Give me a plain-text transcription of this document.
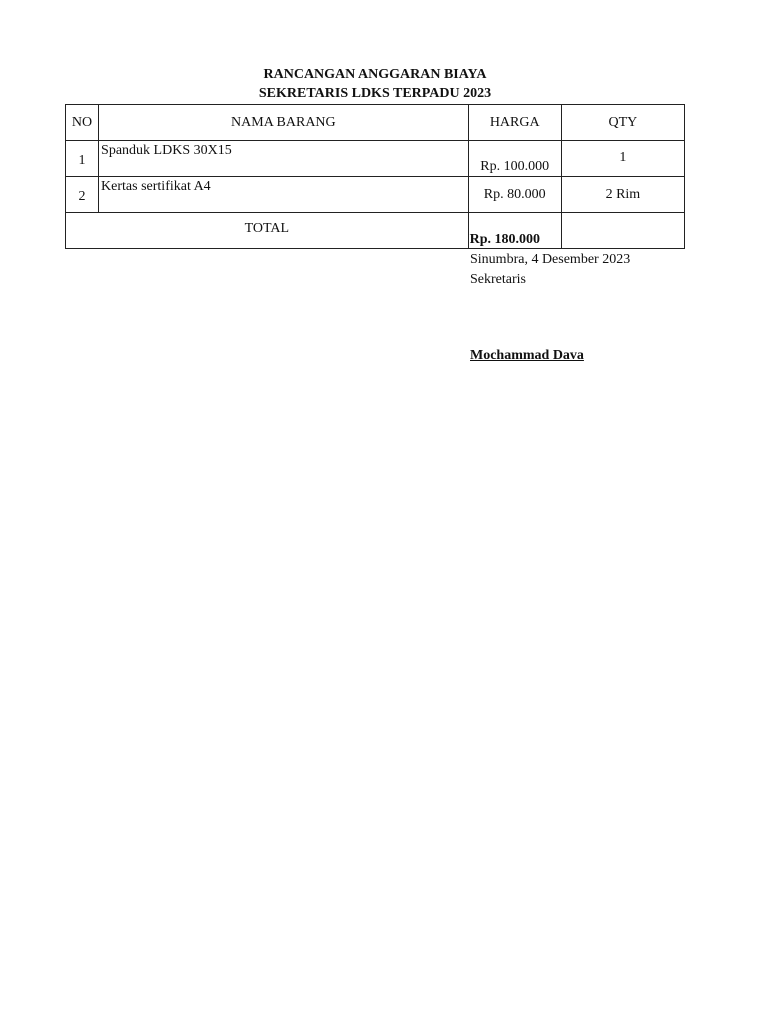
RANCANGAN ANGGARAN BIAYA
SEKRETARIS LDKS TERPADU 2023
NO	NAMA BARANG	HARGA	QTY
1	Spanduk LDKS 30X15	Rp. 100.000	1
2	Kertas sertifikat A4	Rp. 80.000	2 Rim
TOTAL		Rp. 180.000	
Sinumbra, 4 Desember 2023
Sekretaris
Mochammad Dava
